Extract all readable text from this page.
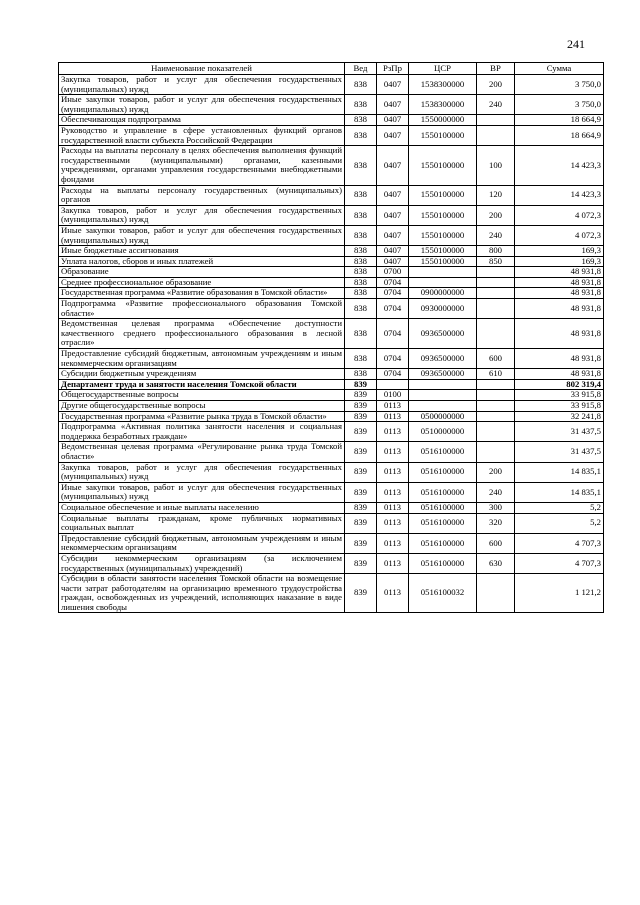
241
Наименование показателей	Вед	РзПр	ЦСР	ВР	Сумма
Закупка товаров, работ и услуг для обеспечения государственных (муниципальных) нужд	838	0407	1538300000	200	3 750,0
Иные закупки товаров, работ и услуг для обеспечения государственных (муниципальных) нужд	838	0407	1538300000	240	3 750,0
Обеспечивающая подпрограмма	838	0407	1550000000		18 664,9
Руководство и управление в сфере установленных функций органов государственной власти субъекта Российской Федерации	838	0407	1550100000		18 664,9
Расходы на выплаты персоналу в целях обеспечения выполнения функций государственными (муниципальными) органами, казенными учреждениями, органами управления государственными внебюджетными фондами	838	0407	1550100000	100	14 423,3
Расходы на выплаты персоналу государственных (муниципальных) органов	838	0407	1550100000	120	14 423,3
Закупка товаров, работ и услуг для обеспечения государственных (муниципальных) нужд	838	0407	1550100000	200	4 072,3
Иные закупки товаров, работ и услуг для обеспечения государственных (муниципальных) нужд	838	0407	1550100000	240	4 072,3
Иные бюджетные ассигнования	838	0407	1550100000	800	169,3
Уплата налогов, сборов и иных платежей	838	0407	1550100000	850	169,3
Образование	838	0700			48 931,8
Среднее профессиональное образование	838	0704			48 931,8
Государственная программа «Развитие образования в Томской области»	838	0704	0900000000		48 931,8
Подпрограмма «Развитие профессионального образования Томской области»	838	0704	0930000000		48 931,8
Ведомственная целевая программа «Обеспечение доступности качественного среднего профессионального образования в лесной отрасли»	838	0704	0936500000		48 931,8
Предоставление субсидий бюджетным, автономным учреждениям и иным некоммерческим организациям	838	0704	0936500000	600	48 931,8
Субсидии бюджетным учреждениям	838	0704	0936500000	610	48 931,8
Департамент труда и занятости населения Томской области	839				802 319,4
Общегосударственные вопросы	839	0100			33 915,8
Другие общегосударственные вопросы	839	0113			33 915,8
Государственная программа «Развитие рынка труда в Томской области»	839	0113	0500000000		32 241,8
Подпрограмма «Активная политика занятости населения и социальная поддержка безработных граждан»	839	0113	0510000000		31 437,5
Ведомственная целевая программа «Регулирование рынка труда Томской области»	839	0113	0516100000		31 437,5
Закупка товаров, работ и услуг для обеспечения государственных (муниципальных) нужд	839	0113	0516100000	200	14 835,1
Иные закупки товаров, работ и услуг для обеспечения государственных (муниципальных) нужд	839	0113	0516100000	240	14 835,1
Социальное обеспечение и иные выплаты населению	839	0113	0516100000	300	5,2
Социальные выплаты гражданам, кроме публичных нормативных социальных выплат	839	0113	0516100000	320	5,2
Предоставление субсидий бюджетным, автономным учреждениям и иным некоммерческим организациям	839	0113	0516100000	600	4 707,3
Субсидии некоммерческим организациям (за исключением государственных (муниципальных) учреждений)	839	0113	0516100000	630	4 707,3
Субсидии в области занятости населения Томской области на возмещение части затрат работодателям на организацию временного трудоустройства граждан, освобожденных из учреждений, исполняющих наказание в виде лишения свободы	839	0113	0516100032		1 121,2
